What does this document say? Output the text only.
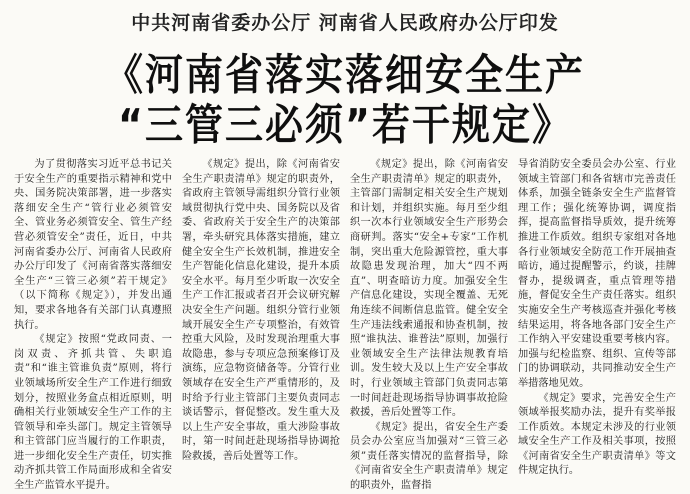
中共河南省委办公厅 河南省人民政府办公厅印发
《河南省落实落细安全生产
“三管三必须”若干规定》

为了贯彻落实习近平总书记关于安全生产的重要指示精神和党中央、国务院决策部署，进一步落实落细安全生产“管行业必须管安全、管业务必须管安全、管生产经营必须管安全”责任，近日，中共河南省委办公厅、河南省人民政府办公厅印发了《河南省落实落细安全生产“三管三必须”若干规定》（以下简称《规定》），并发出通知，要求各地各有关部门认真遵照执行。

《规定》按照“党政同责、一岗双责、齐抓共管、失职追责”和“谁主管谁负责”原则，将行业领域场所安全生产工作进行细致划分，按照业务盒点相近原则，明确相关行业领域安全生产工作的主管领导和牵头部门。规定主管领导和主管部门应当履行的工作职责，进一步细化安全生产责任，切实推动齐抓共管工作局面形成和全省安全生产监管水平提升。

《规定》提出，除《河南省安全生产职责清单》规定的职责外，省政府主管领导需组织分管行业领域贯彻执行党中央、国务院以及省委、省政府关于安全生产的决策部署，牵头研究具体落实措施，建立健全安全生产长效机制，推进安全生产智能化信息化建设，提升本质安全水平。每月至少听取一次安全生产工作汇报或者召开会议研究解决安全生产问题。组织分管行业领域开展安全生产专项整治，有效管控重大风险，及时发现治理重大事故隐患，参与专项应急预案修订及演练，应急物资储备等。分管行业领域存在安全生产严重情形的，及时给予行业主管部门主要负责同志谈话警示，督促整改。发生重大及以上生产安全事故，重大涉险事故时，第一时间赶赴现场指导协调抢险救援，善后处置等工作。

《规定》提出，除《河南省安全生产职责清单》规定的职责外，主管部门需制定相关安全生产规划和计划，并组织实施。每月至少组织一次本行业领域安全生产形势会商研判。落实“安全+专家”工作机制，突出重大危险源管控，重大事故隐患发现治理，加大“四不两直”、明查暗访力度。加强安全生产信息化建设，实现全覆盖、无死角连续不间断信息监管。健全安全生产违法线索通报和协查机制，按照“谁执法、谁普法”原则，加强行业领域安全生产法律法规教育培训。发生较大及以上生产安全事故时，行业领域主管部门负责同志第一时间赶赴现场指导协调事故抢险救援，善后处置等工作。

《规定》提出，省安全生产委员会办公室应当加强对“三管三必须”责任落实情况的监督指导，除《河南省安全生产职责清单》规定的职责外，监督指

导省消防安全委员会办公室、行业领域主管部门和各省辖市完善责任体系，加强全链条安全生产监督管理工作；强化统筹协调，调度指挥，提高监督指导质效，提升统筹推进工作质效。组织专家组对各地各行业领域安全防范工作开展抽查暗访，通过提醒警示，约谈，挂牌督办，提级调查，重点管理等措施，督促安全生产责任落实。组织实施安全生产考核巡查并强化考核结果运用，将各地各部门安全生产工作纳入平安建设重要考核内容。加强与纪检监察、组织、宣传等部门的协调联动，共同推动安全生产举措落地见效。

《规定》要求，完善安全生产领域举报奖励办法，提升有奖举报工作质效。本规定未涉及的行业领域安全生产工作及相关事项，按照《河南省安全生产职责清单》等文件规定执行。
